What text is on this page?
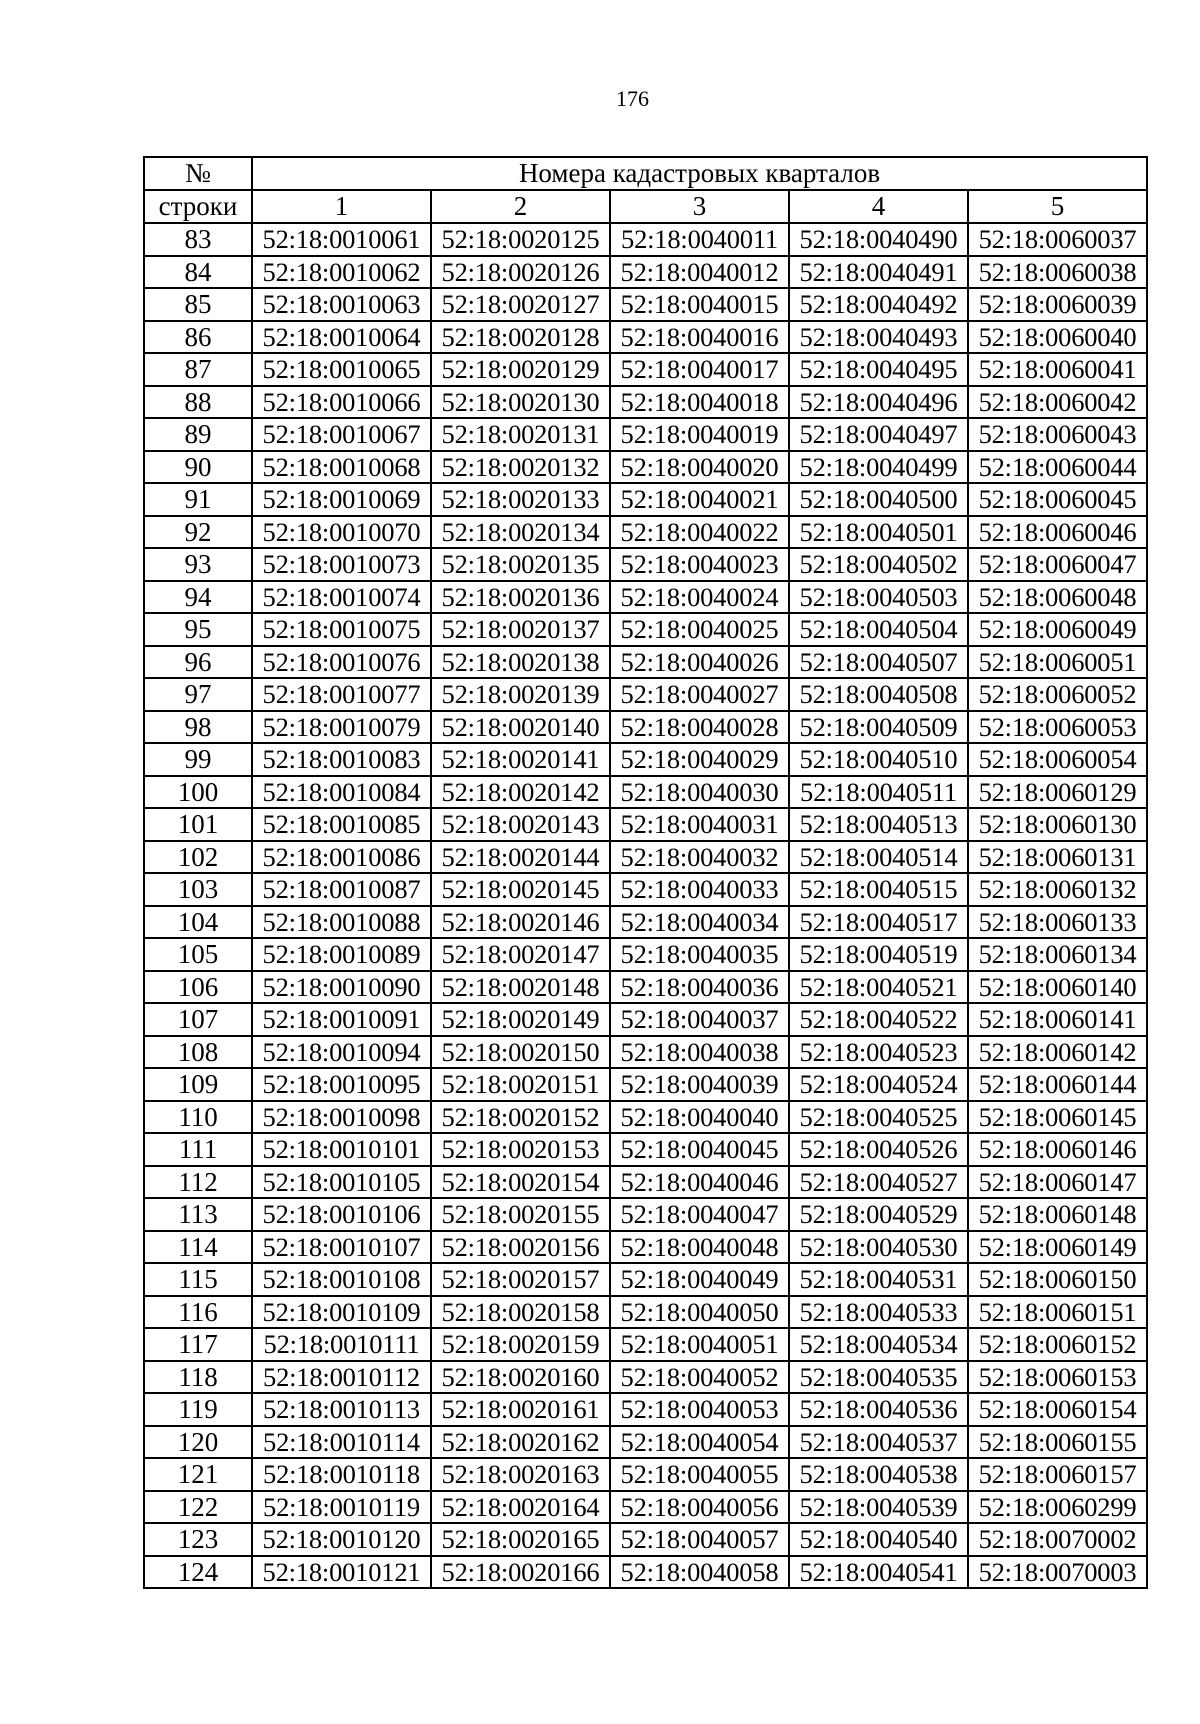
176
№	Номера кадастровых кварталов				
строки	1	2	3	4	5
83	52:18:0010061	52:18:0020125	52:18:0040011	52:18:0040490	52:18:0060037
84	52:18:0010062	52:18:0020126	52:18:0040012	52:18:0040491	52:18:0060038
85	52:18:0010063	52:18:0020127	52:18:0040015	52:18:0040492	52:18:0060039
86	52:18:0010064	52:18:0020128	52:18:0040016	52:18:0040493	52:18:0060040
87	52:18:0010065	52:18:0020129	52:18:0040017	52:18:0040495	52:18:0060041
88	52:18:0010066	52:18:0020130	52:18:0040018	52:18:0040496	52:18:0060042
89	52:18:0010067	52:18:0020131	52:18:0040019	52:18:0040497	52:18:0060043
90	52:18:0010068	52:18:0020132	52:18:0040020	52:18:0040499	52:18:0060044
91	52:18:0010069	52:18:0020133	52:18:0040021	52:18:0040500	52:18:0060045
92	52:18:0010070	52:18:0020134	52:18:0040022	52:18:0040501	52:18:0060046
93	52:18:0010073	52:18:0020135	52:18:0040023	52:18:0040502	52:18:0060047
94	52:18:0010074	52:18:0020136	52:18:0040024	52:18:0040503	52:18:0060048
95	52:18:0010075	52:18:0020137	52:18:0040025	52:18:0040504	52:18:0060049
96	52:18:0010076	52:18:0020138	52:18:0040026	52:18:0040507	52:18:0060051
97	52:18:0010077	52:18:0020139	52:18:0040027	52:18:0040508	52:18:0060052
98	52:18:0010079	52:18:0020140	52:18:0040028	52:18:0040509	52:18:0060053
99	52:18:0010083	52:18:0020141	52:18:0040029	52:18:0040510	52:18:0060054
100	52:18:0010084	52:18:0020142	52:18:0040030	52:18:0040511	52:18:0060129
101	52:18:0010085	52:18:0020143	52:18:0040031	52:18:0040513	52:18:0060130
102	52:18:0010086	52:18:0020144	52:18:0040032	52:18:0040514	52:18:0060131
103	52:18:0010087	52:18:0020145	52:18:0040033	52:18:0040515	52:18:0060132
104	52:18:0010088	52:18:0020146	52:18:0040034	52:18:0040517	52:18:0060133
105	52:18:0010089	52:18:0020147	52:18:0040035	52:18:0040519	52:18:0060134
106	52:18:0010090	52:18:0020148	52:18:0040036	52:18:0040521	52:18:0060140
107	52:18:0010091	52:18:0020149	52:18:0040037	52:18:0040522	52:18:0060141
108	52:18:0010094	52:18:0020150	52:18:0040038	52:18:0040523	52:18:0060142
109	52:18:0010095	52:18:0020151	52:18:0040039	52:18:0040524	52:18:0060144
110	52:18:0010098	52:18:0020152	52:18:0040040	52:18:0040525	52:18:0060145
111	52:18:0010101	52:18:0020153	52:18:0040045	52:18:0040526	52:18:0060146
112	52:18:0010105	52:18:0020154	52:18:0040046	52:18:0040527	52:18:0060147
113	52:18:0010106	52:18:0020155	52:18:0040047	52:18:0040529	52:18:0060148
114	52:18:0010107	52:18:0020156	52:18:0040048	52:18:0040530	52:18:0060149
115	52:18:0010108	52:18:0020157	52:18:0040049	52:18:0040531	52:18:0060150
116	52:18:0010109	52:18:0020158	52:18:0040050	52:18:0040533	52:18:0060151
117	52:18:0010111	52:18:0020159	52:18:0040051	52:18:0040534	52:18:0060152
118	52:18:0010112	52:18:0020160	52:18:0040052	52:18:0040535	52:18:0060153
119	52:18:0010113	52:18:0020161	52:18:0040053	52:18:0040536	52:18:0060154
120	52:18:0010114	52:18:0020162	52:18:0040054	52:18:0040537	52:18:0060155
121	52:18:0010118	52:18:0020163	52:18:0040055	52:18:0040538	52:18:0060157
122	52:18:0010119	52:18:0020164	52:18:0040056	52:18:0040539	52:18:0060299
123	52:18:0010120	52:18:0020165	52:18:0040057	52:18:0040540	52:18:0070002
124	52:18:0010121	52:18:0020166	52:18:0040058	52:18:0040541	52:18:0070003
